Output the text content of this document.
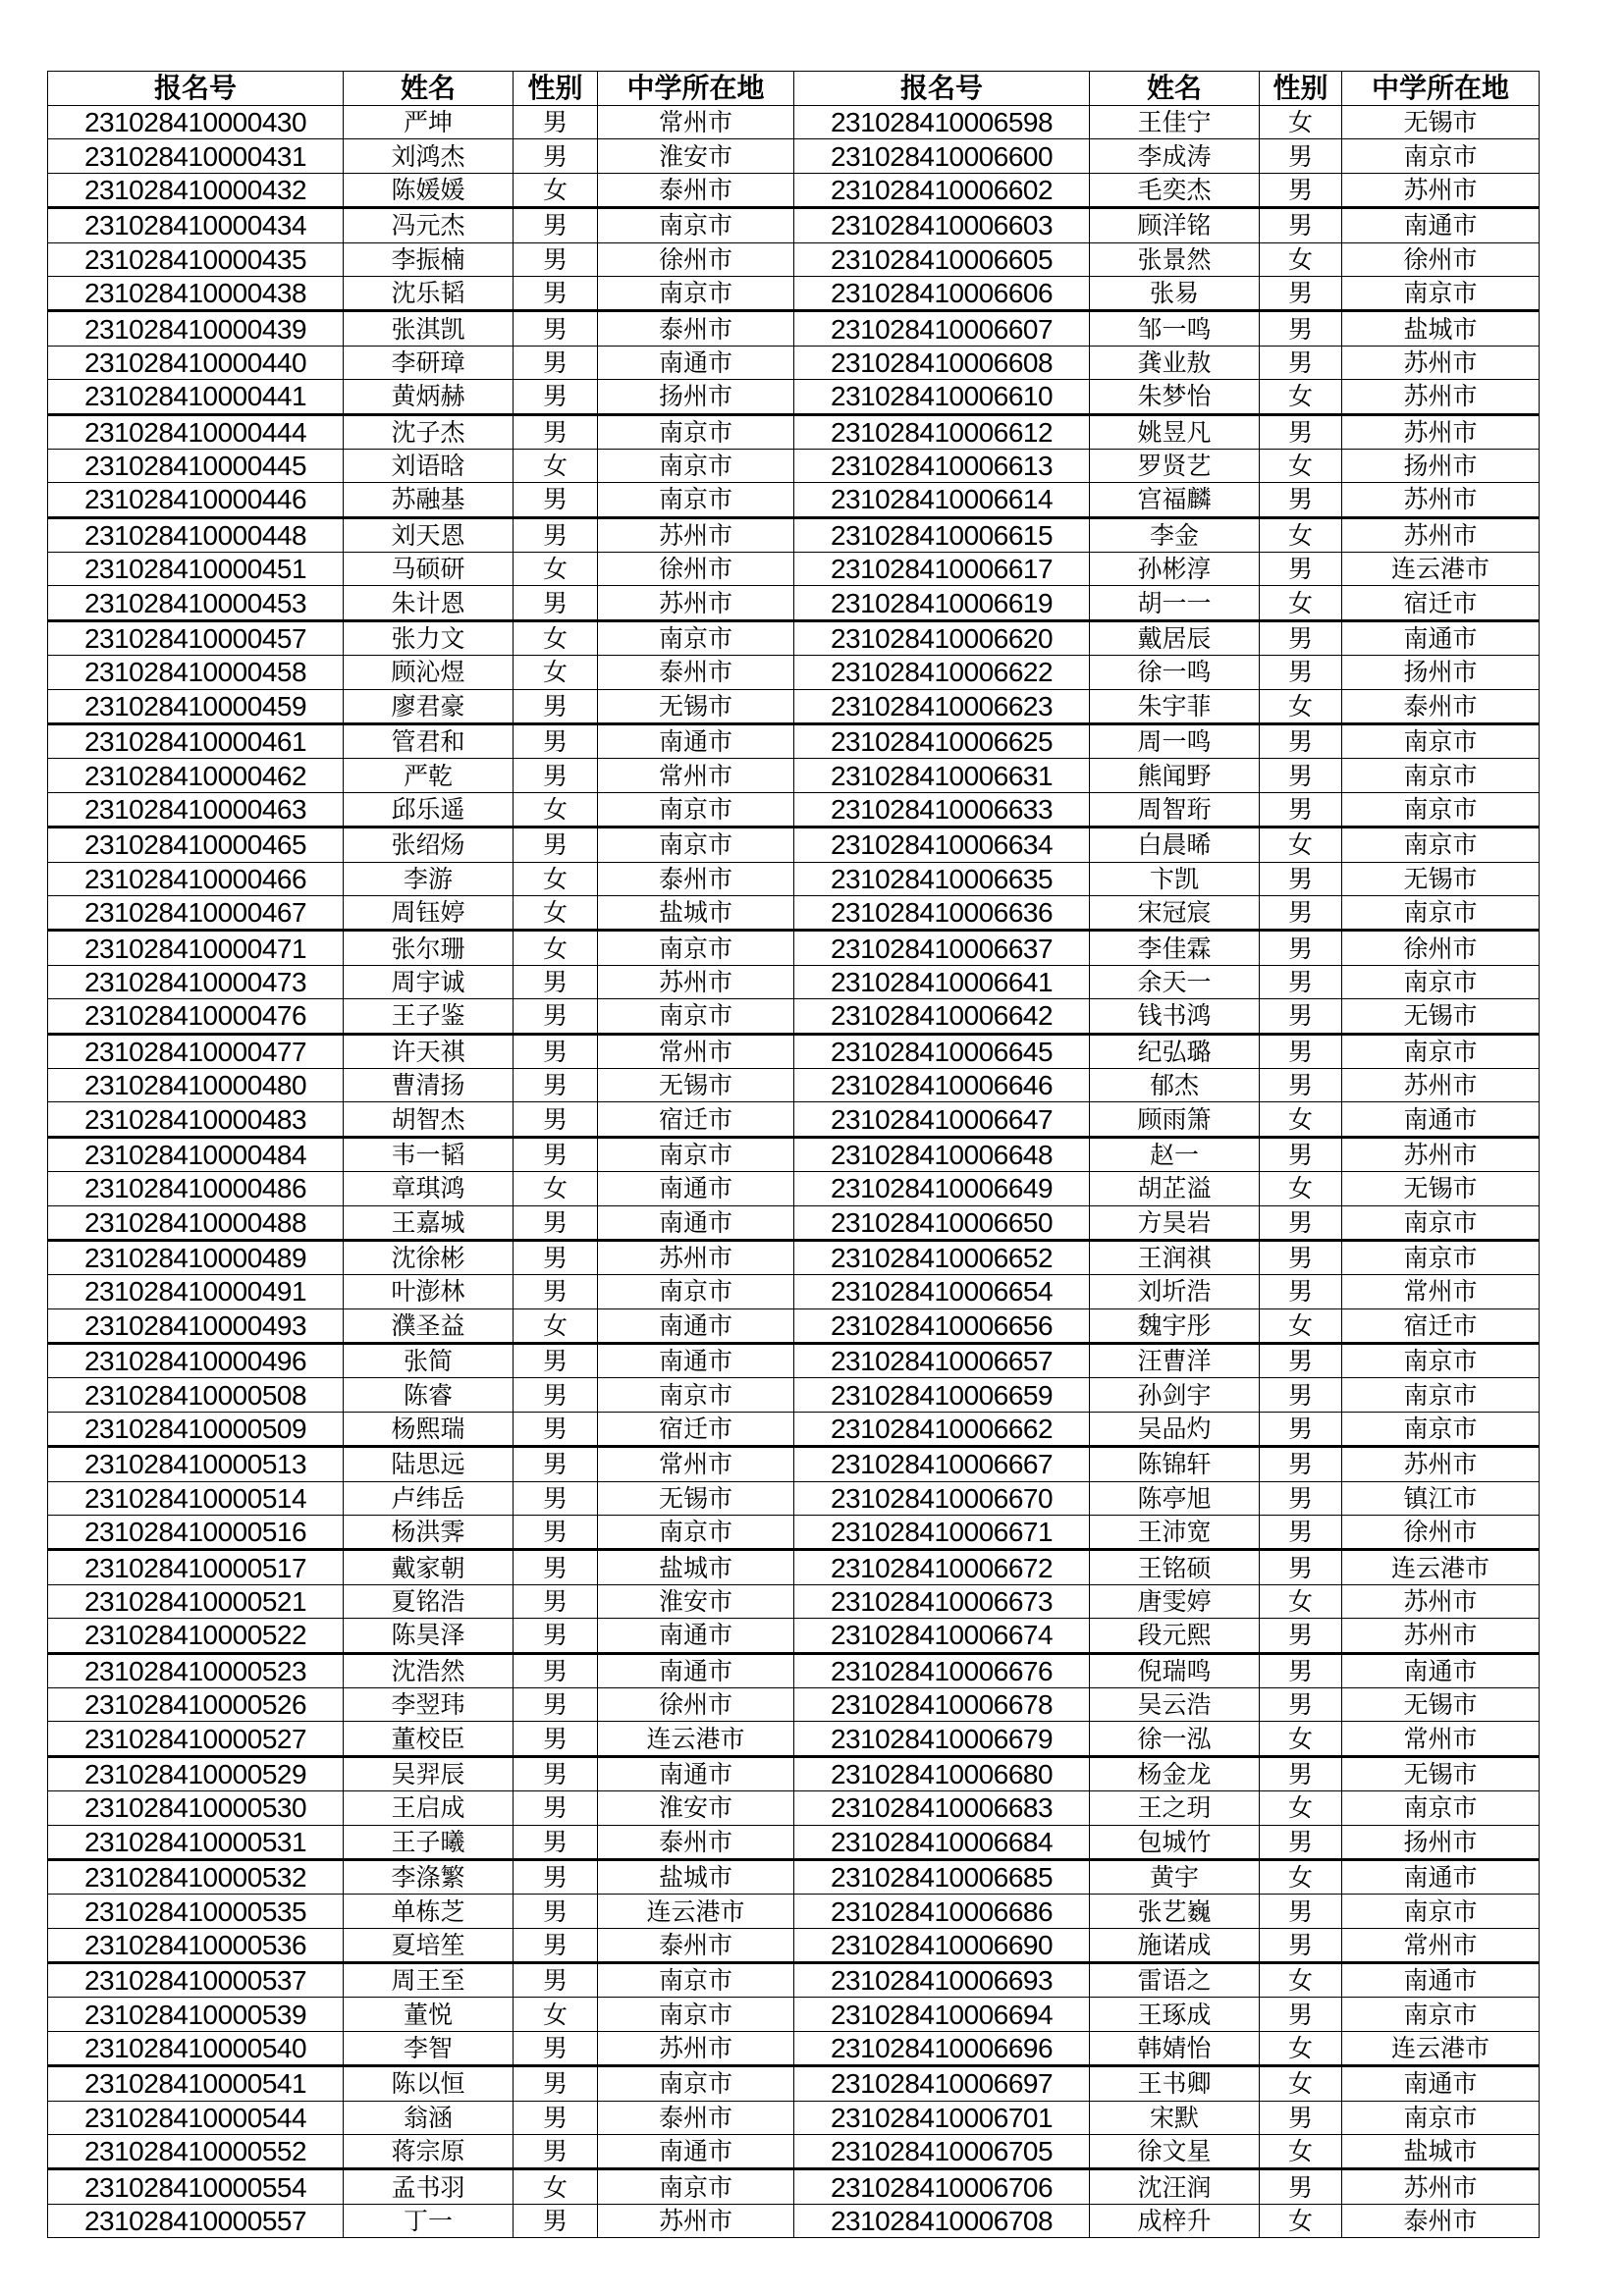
报名号	姓名	性别	中学所在地	报名号	姓名	性别	中学所在地
231028410000430	严坤	男	常州市	231028410006598	王佳宁	女	无锡市
231028410000431	刘鸿杰	男	淮安市	231028410006600	李成涛	男	南京市
231028410000432	陈媛媛	女	泰州市	231028410006602	毛奕杰	男	苏州市
231028410000434	冯元杰	男	南京市	231028410006603	顾洋铭	男	南通市
231028410000435	李振楠	男	徐州市	231028410006605	张景然	女	徐州市
231028410000438	沈乐韬	男	南京市	231028410006606	张易	男	南京市
231028410000439	张淇凯	男	泰州市	231028410006607	邹一鸣	男	盐城市
231028410000440	李研璋	男	南通市	231028410006608	龚业敖	男	苏州市
231028410000441	黄炳赫	男	扬州市	231028410006610	朱梦怡	女	苏州市
231028410000444	沈子杰	男	南京市	231028410006612	姚昱凡	男	苏州市
231028410000445	刘语晗	女	南京市	231028410006613	罗贤艺	女	扬州市
231028410000446	苏融基	男	南京市	231028410006614	宫福麟	男	苏州市
231028410000448	刘天恩	男	苏州市	231028410006615	李金	女	苏州市
231028410000451	马硕研	女	徐州市	231028410006617	孙彬淳	男	连云港市
231028410000453	朱计恩	男	苏州市	231028410006619	胡一一	女	宿迁市
231028410000457	张力文	女	南京市	231028410006620	戴居辰	男	南通市
231028410000458	顾沁煜	女	泰州市	231028410006622	徐一鸣	男	扬州市
231028410000459	廖君豪	男	无锡市	231028410006623	朱宇菲	女	泰州市
231028410000461	管君和	男	南通市	231028410006625	周一鸣	男	南京市
231028410000462	严乾	男	常州市	231028410006631	熊闻野	男	南京市
231028410000463	邱乐遥	女	南京市	231028410006633	周智珩	男	南京市
231028410000465	张绍炀	男	南京市	231028410006634	白晨晞	女	南京市
231028410000466	李游	女	泰州市	231028410006635	卞凯	男	无锡市
231028410000467	周钰婷	女	盐城市	231028410006636	宋冠宸	男	南京市
231028410000471	张尔珊	女	南京市	231028410006637	李佳霖	男	徐州市
231028410000473	周宇诚	男	苏州市	231028410006641	余天一	男	南京市
231028410000476	王子鉴	男	南京市	231028410006642	钱书鸿	男	无锡市
231028410000477	许天祺	男	常州市	231028410006645	纪弘璐	男	南京市
231028410000480	曹清扬	男	无锡市	231028410006646	郁杰	男	苏州市
231028410000483	胡智杰	男	宿迁市	231028410006647	顾雨箫	女	南通市
231028410000484	韦一韬	男	南京市	231028410006648	赵一	男	苏州市
231028410000486	章琪鸿	女	南通市	231028410006649	胡芷溢	女	无锡市
231028410000488	王嘉城	男	南通市	231028410006650	方昊岩	男	南京市
231028410000489	沈徐彬	男	苏州市	231028410006652	王润祺	男	南京市
231028410000491	叶澎林	男	南京市	231028410006654	刘圻浩	男	常州市
231028410000493	濮圣益	女	南通市	231028410006656	魏宇彤	女	宿迁市
231028410000496	张简	男	南通市	231028410006657	汪曹洋	男	南京市
231028410000508	陈睿	男	南京市	231028410006659	孙剑宇	男	南京市
231028410000509	杨熙瑞	男	宿迁市	231028410006662	吴品灼	男	南京市
231028410000513	陆思远	男	常州市	231028410006667	陈锦轩	男	苏州市
231028410000514	卢纬岳	男	无锡市	231028410006670	陈亭旭	男	镇江市
231028410000516	杨洪霁	男	南京市	231028410006671	王沛宽	男	徐州市
231028410000517	戴家朝	男	盐城市	231028410006672	王铭硕	男	连云港市
231028410000521	夏铭浩	男	淮安市	231028410006673	唐雯婷	女	苏州市
231028410000522	陈昊泽	男	南通市	231028410006674	段元熙	男	苏州市
231028410000523	沈浩然	男	南通市	231028410006676	倪瑞鸣	男	南通市
231028410000526	李翌玮	男	徐州市	231028410006678	吴云浩	男	无锡市
231028410000527	董校臣	男	连云港市	231028410006679	徐一泓	女	常州市
231028410000529	吴羿辰	男	南通市	231028410006680	杨金龙	男	无锡市
231028410000530	王启成	男	淮安市	231028410006683	王之玥	女	南京市
231028410000531	王子曦	男	泰州市	231028410006684	包城竹	男	扬州市
231028410000532	李涤繁	男	盐城市	231028410006685	黄宇	女	南通市
231028410000535	单栋芝	男	连云港市	231028410006686	张艺巍	男	南京市
231028410000536	夏培笙	男	泰州市	231028410006690	施诺成	男	常州市
231028410000537	周王至	男	南京市	231028410006693	雷语之	女	南通市
231028410000539	董悦	女	南京市	231028410006694	王琢成	男	南京市
231028410000540	李智	男	苏州市	231028410006696	韩婧怡	女	连云港市
231028410000541	陈以恒	男	南京市	231028410006697	王书卿	女	南通市
231028410000544	翁涵	男	泰州市	231028410006701	宋默	男	南京市
231028410000552	蒋宗原	男	南通市	231028410006705	徐文星	女	盐城市
231028410000554	孟书羽	女	南京市	231028410006706	沈汪润	男	苏州市
231028410000557	丁一	男	苏州市	231028410006708	成梓升	女	泰州市
